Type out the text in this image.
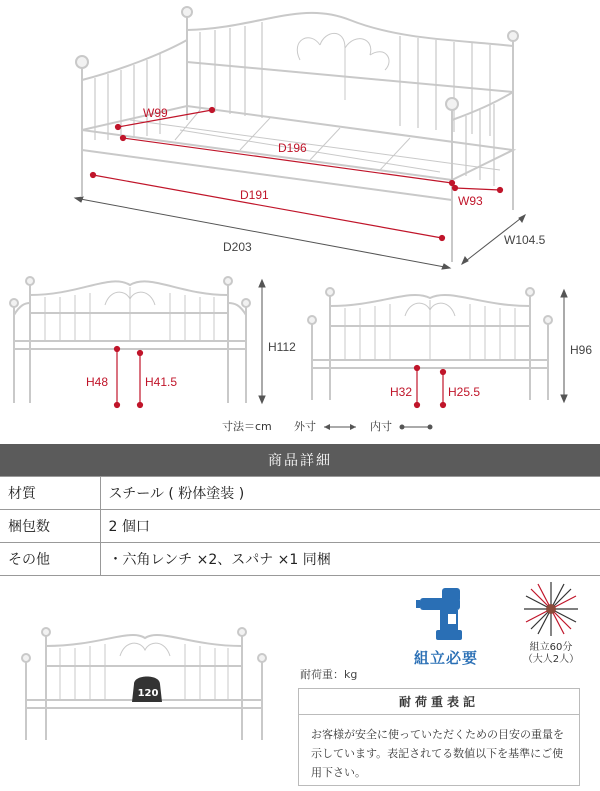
W99
D196
D191	W93
D203	W104.5
H48	H41.5
H112
H32	H25.5
H96
寸法＝cm 外寸	内寸
商品詳細
材質	スチール ( 粉体塗装 )
梱包数	2 個口
その他	・六角レンチ ×2、スパナ ×1 同梱
組立必要
組立60分
（大人2人）
120
耐荷重：kg
耐荷重表記
お客様が安全に使っていただくための目安の重量を示しています。表記されてる数値以下を基準にご使用下さい。
